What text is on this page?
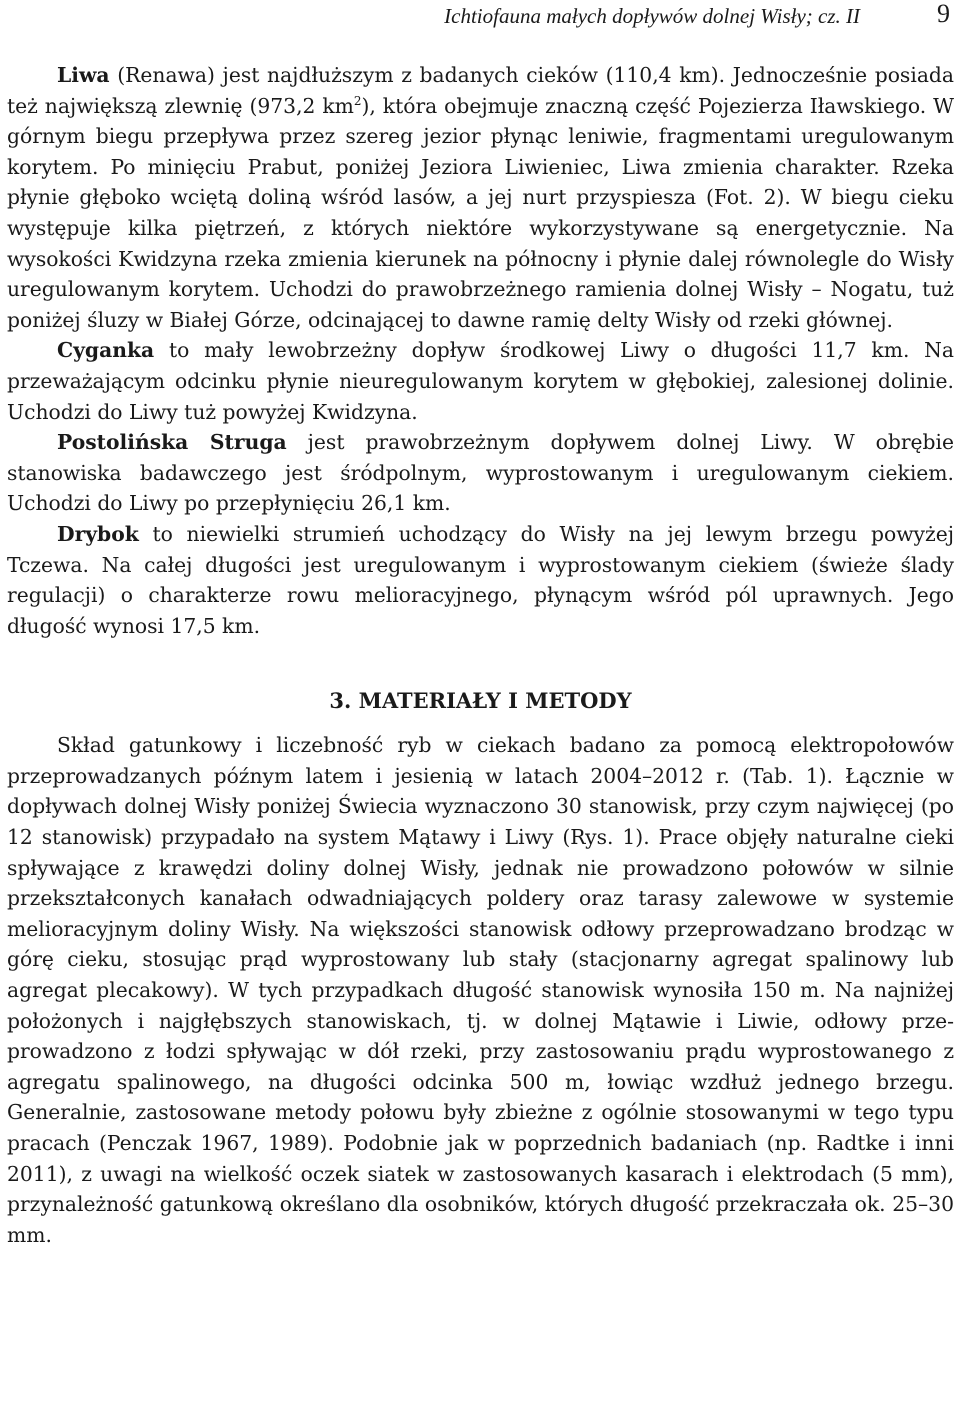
Ichtiofauna małych dopływów dolnej Wisły; cz. II	9

Liwa (Renawa) jest najdłuższym z badanych cieków (110,4 km). Jednocześnie posiada też największą zlewnię (973,2 $km^2$), która obejmuje znaczną część Pojezierza Iławskiego. W górnym biegu przepływa przez szereg jezior płynąc leniwie, fragmentami uregulowanym korytem. Po minięciu Prabut, poniżej Jeziora Liwieniec, Liwa zmienia charakter. Rzeka płynie głęboko wciętą doliną wśród lasów, a jej nurt przyspiesza (Fot. 2). W biegu cieku występuje kilka piętrzeń, z których niektóre wykorzystywane są energetycznie. Na wysokości Kwidzyna rzeka zmienia kierunek na północny i płynie dalej równolegle do Wisły uregulowanym korytem. Uchodzi do prawobrzeżnego ramienia dolnej Wisły – Nogatu, tuż poniżej śluzy w Białej Górze, odcinającej to dawne ramię delty Wisły od rzeki głównej.

Cyganka to mały lewobrzeżny dopływ środkowej Liwy o długości 11,7 km. Na przeważającym odcinku płynie nieuregulowanym korytem w głębokiej, zalesionej dolinie. Uchodzi do Liwy tuż powyżej Kwidzyna.

Postolińska Struga jest prawobrzeżnym dopływem dolnej Liwy. W obrębie stanowiska badawczego jest śródpolnym, wyprostowanym i uregulowanym ciekiem. Uchodzi do Liwy po przepłynięciu 26,1 km.

Drybok to niewielki strumień uchodzący do Wisły na jej lewym brzegu powyżej Tczewa. Na całej długości jest uregulowanym i wyprostowanym ciekiem (świeże ślady regulacji) o charakterze rowu melioracyjnego, płynącym wśród pól uprawnych. Jego długość wynosi 17,5 km.

3. MATERIAŁY I METODY

Skład gatunkowy i liczebność ryb w ciekach badano za pomocą elektropołowów przeprowadzanych późnym latem i jesienią w latach 2004–2012 r. (Tab. 1). Łącznie w dopływach dolnej Wisły poniżej Świecia wyznaczono 30 stanowisk, przy czym najwięcej (po 12 stanowisk) przypadało na system Mątawy i Liwy (Rys. 1). Prace objęły naturalne cieki spływające z krawędzi doliny dolnej Wisły, jednak nie prowadzono połowów w silnie przekształconych kanałach odwadniających poldery oraz tarasy zalewowe w systemie melioracyjnym doliny Wisły. Na większości stanowisk odłowy przeprowadzano brodząc w górę cieku, stosując prąd wyprostowany lub stały (stacjonarny agregat spalinowy lub agregat plecakowy). W tych przypadkach długość stanowisk wynosiła 150 m. Na najniżej położonych i najgłębszych stanowiskach, tj. w dolnej Mątawie i Liwie, odłowy przeprowadzono z łodzi spływając w dół rzeki, przy zastosowaniu prądu wyprostowanego z agregatu spalinowego, na długości odcinka 500 m, łowiąc wzdłuż jednego brzegu. Generalnie, zastosowane metody połowu były zbieżne z ogólnie stosowanymi w tego typu pracach (Penczak 1967, 1989). Podobnie jak w poprzednich badaniach (np. Radtke i inni 2011), z uwagi na wielkość oczek siatek w zastosowanych kasarach i elektrodach (5 mm), przynależność gatunkową określano dla osobników, których długość przekraczała ok. 25–30 mm.
